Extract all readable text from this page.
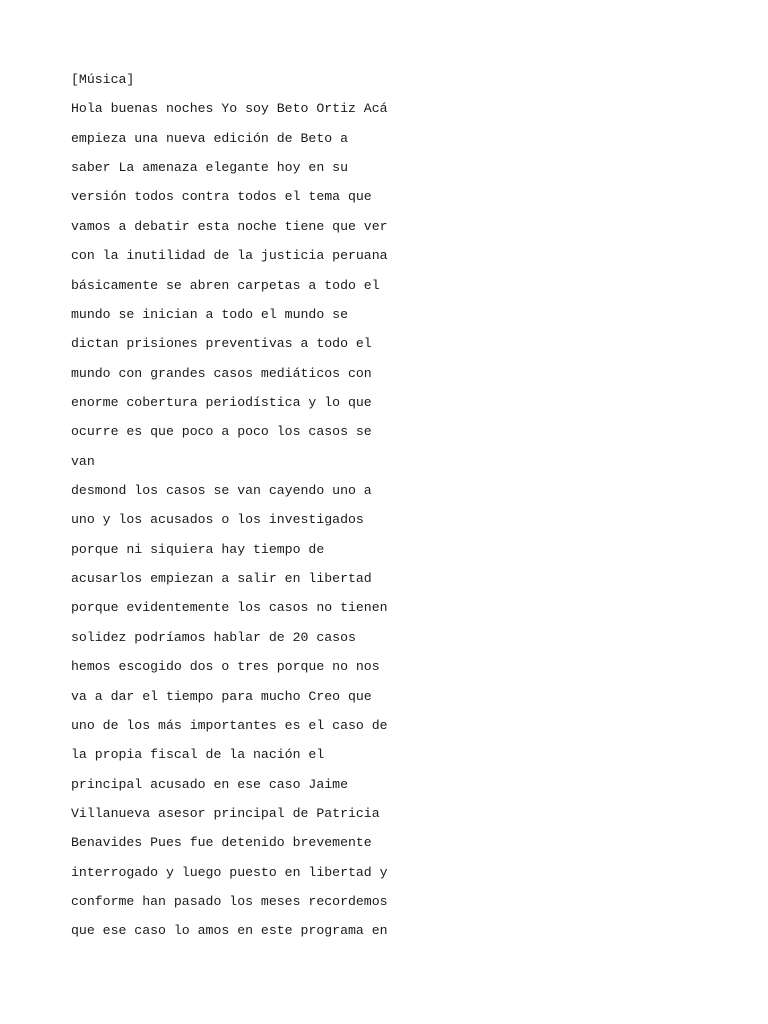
[Música]

Hola buenas noches Yo soy Beto Ortiz Acá

empieza una nueva edición de Beto a

saber La amenaza elegante hoy en su

versión todos contra todos el tema que

vamos a debatir esta noche tiene que ver

con la inutilidad de la justicia peruana

básicamente se abren carpetas a todo el

mundo se inician a todo el mundo se

dictan prisiones preventivas a todo el

mundo con grandes casos mediáticos con

enorme cobertura periodística y lo que

ocurre es que poco a poco los casos se

van

desmond los casos se van cayendo uno a

uno y los acusados o los investigados

porque ni siquiera hay tiempo de

acusarlos empiezan a salir en libertad

porque evidentemente los casos no tienen

solidez podríamos hablar de 20 casos

hemos escogido dos o tres porque no nos

va a dar el tiempo para mucho Creo que

uno de los más importantes es el caso de

la propia fiscal de la nación el

principal acusado en ese caso Jaime

Villanueva asesor principal de Patricia

Benavides Pues fue detenido brevemente

interrogado y luego puesto en libertad y

conforme han pasado los meses recordemos

que ese caso lo amos en este programa en
